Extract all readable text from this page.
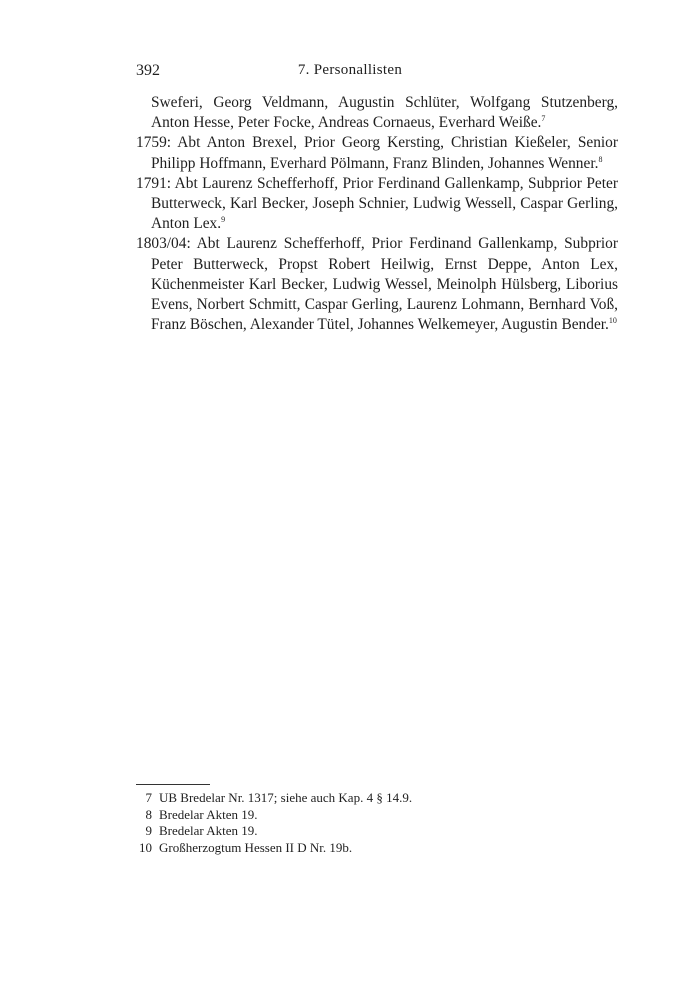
392	7. Personallisten

Sweferi, Georg Veldmann, Augustin Schlüter, Wolfgang Stutzenberg, Anton Hesse, Peter Focke, Andreas Cornaeus, Everhard Weiße.$^7$

1759: Abt Anton Brexel, Prior Georg Kersting, Christian Kießeler, Senior Philipp Hoffmann, Everhard Pölmann, Franz Blinden, Johannes Wenner.$^8$

1791: Abt Laurenz Schefferhoff, Prior Ferdinand Gallenkamp, Subprior Peter Butterweck, Karl Becker, Joseph Schnier, Ludwig Wessell, Caspar Gerling, Anton Lex.$^9$

1803/04: Abt Laurenz Schefferhoff, Prior Ferdinand Gallenkamp, Subprior Peter Butterweck, Propst Robert Heilwig, Ernst Deppe, Anton Lex, Küchenmeister Karl Becker, Ludwig Wessel, Meinolph Hülsberg, Liborius Evens, Norbert Schmitt, Caspar Gerling, Laurenz Lohmann, Bernhard Voß, Franz Böschen, Alexander Tütel, Johannes Welkemeyer, Augustin Bender.$^{10}$

7 UB Bredelar Nr. 1317; siehe auch Kap. 4 § 14.9.
8 Bredelar Akten 19.
9 Bredelar Akten 19.
10 Großherzogtum Hessen II D Nr. 19b.
